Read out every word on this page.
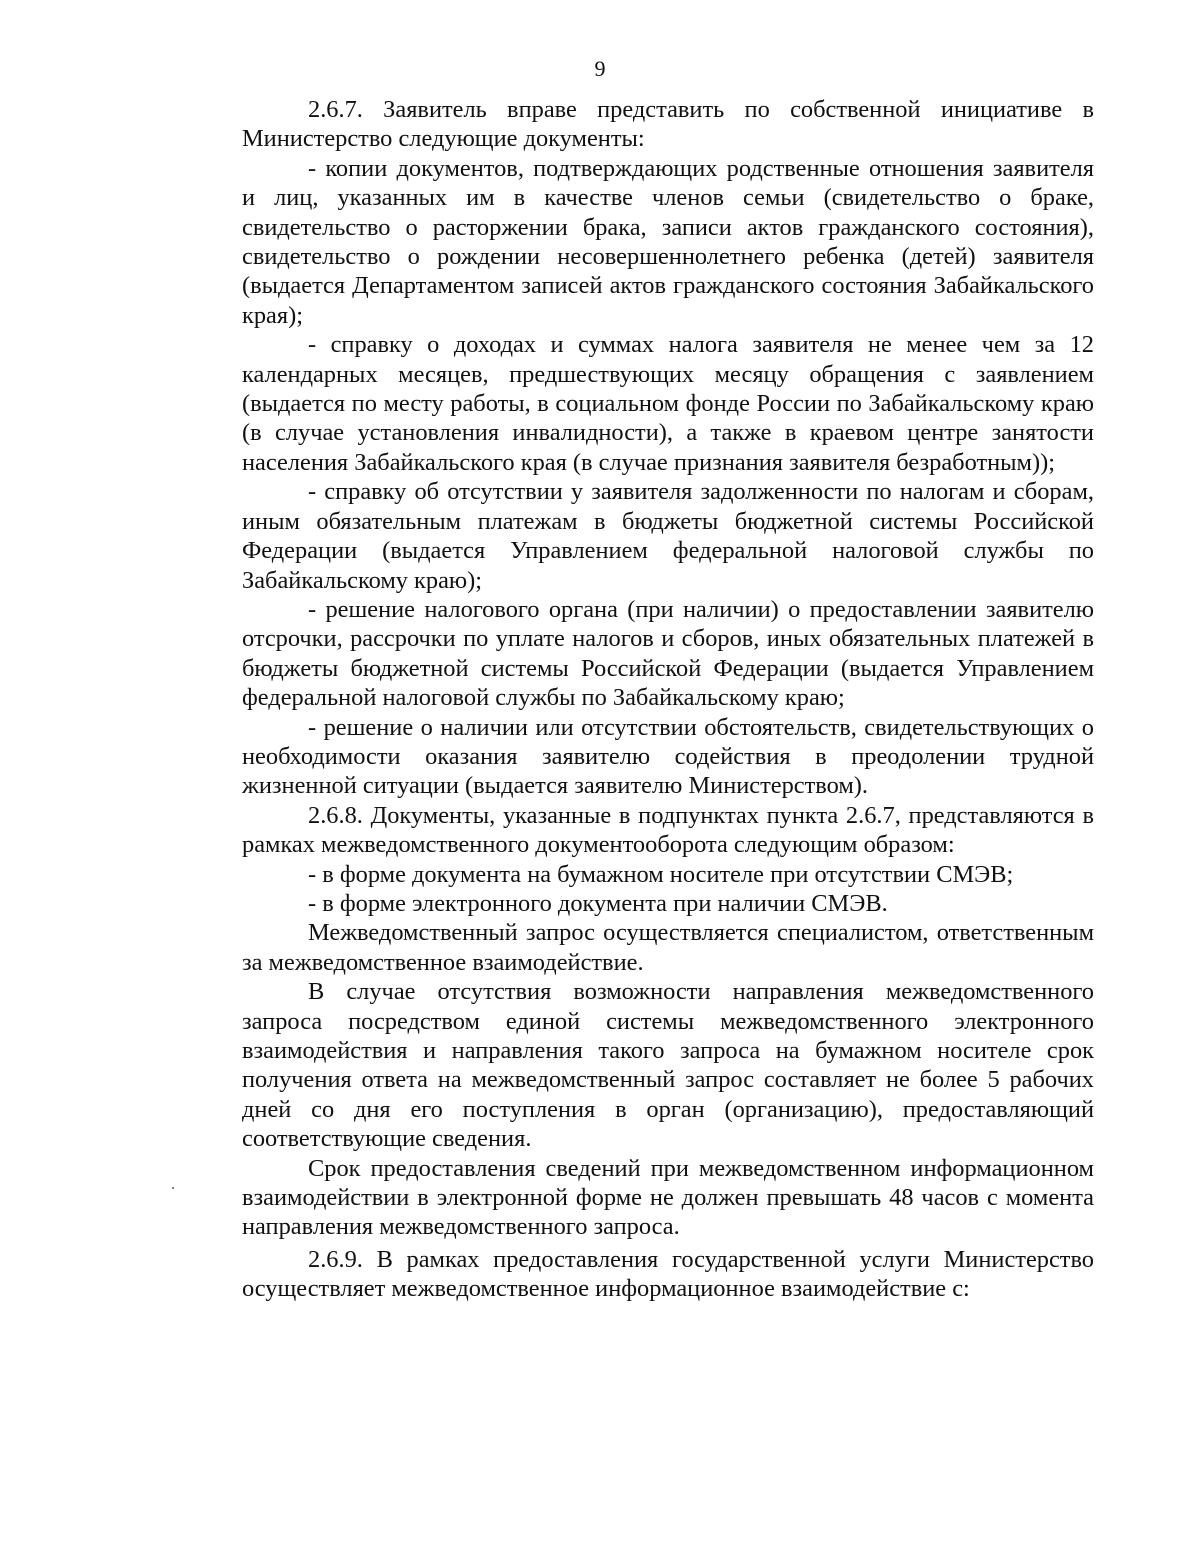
9

2.6.7. Заявитель вправе представить по собственной инициативе в Министерство следующие документы:

- копии документов, подтверждающих родственные отношения заявителя и лиц, указанных им в качестве членов семьи (свидетельство о браке, свидетельство о расторжении брака, записи актов гражданского состояния), свидетельство о рождении несовершеннолетнего ребенка (детей) заявителя (выдается Департаментом записей актов гражданского состояния Забайкальского края);

- справку о доходах и суммах налога заявителя не менее чем за 12 календарных месяцев, предшествующих месяцу обращения с заявлением (выдается по месту работы, в социальном фонде России по Забайкальскому краю (в случае установления инвалидности), а также в краевом центре занятости населения Забайкальского края (в случае признания заявителя безработным));

- справку об отсутствии у заявителя задолженности по налогам и сборам, иным обязательным платежам в бюджеты бюджетной системы Российской Федерации (выдается Управлением федеральной налоговой службы по Забайкальскому краю);

- решение налогового органа (при наличии) о предоставлении заявителю отсрочки, рассрочки по уплате налогов и сборов, иных обязательных платежей в бюджеты бюджетной системы Российской Федерации (выдается Управлением федеральной налоговой службы по Забайкальскому краю;

- решение о наличии или отсутствии обстоятельств, свидетельствующих о необходимости оказания заявителю содействия в преодолении трудной жизненной ситуации (выдается заявителю Министерством).

2.6.8. Документы, указанные в подпунктах пункта 2.6.7, представляются в рамках межведомственного документооборота следующим образом:

- в форме документа на бумажном носителе при отсутствии СМЭВ;

- в форме электронного документа при наличии СМЭВ.

Межведомственный запрос осуществляется специалистом, ответственным за межведомственное взаимодействие.

В случае отсутствия возможности направления межведомственного запроса посредством единой системы межведомственного электронного взаимодействия и направления такого запроса на бумажном носителе срок получения ответа на межведомственный запрос составляет не более 5 рабочих дней со дня его поступления в орган (организацию), предоставляющий соответствующие сведения.

Срок предоставления сведений при межведомственном информационном взаимодействии в электронной форме не должен превышать 48 часов с момента направления межведомственного запроса.

2.6.9. В рамках предоставления государственной услуги Министерство осуществляет межведомственное информационное взаимодействие с:
